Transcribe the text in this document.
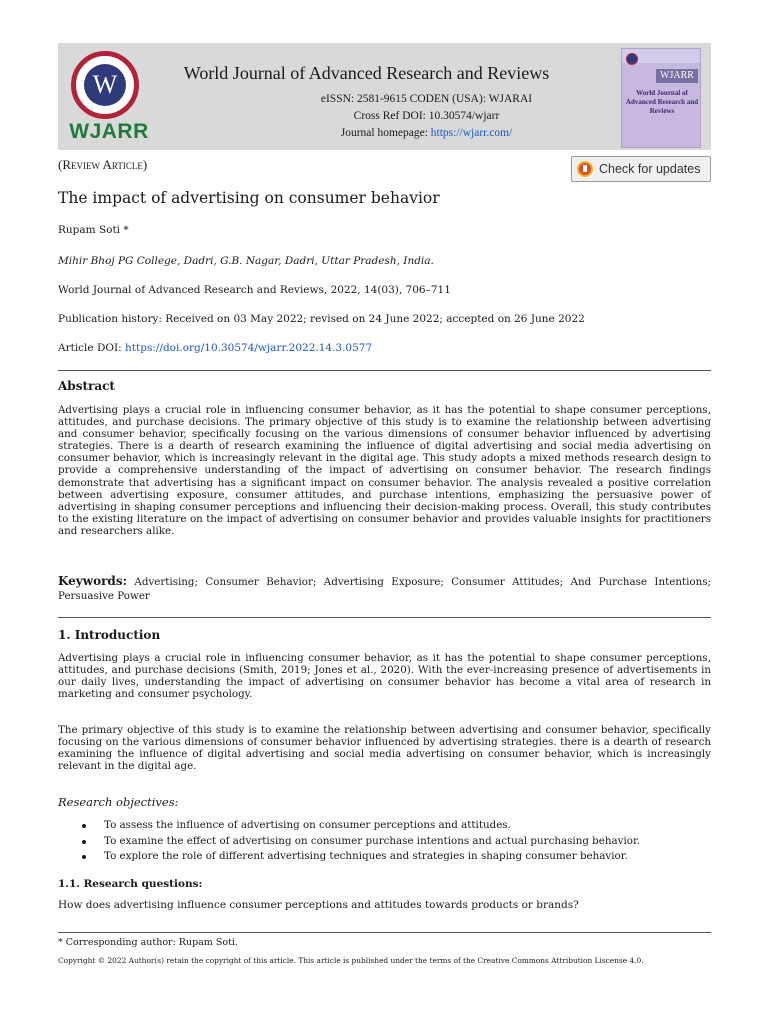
W
WJARR
World Journal of Advanced Research and Reviews
eISSN: 2581-9615 CODEN (USA): WJARAI
Cross Ref DOI: 10.30574/wjarr
Journal homepage: https://wjarr.com/
WJARR
World Journal of Advanced Research and Reviews
(Review Article)	Check for updates
The impact of advertising on consumer behavior
Rupam Soti *
Mihir Bhoj PG College, Dadri, G.B. Nagar, Dadri, Uttar Pradesh, India.
World Journal of Advanced Research and Reviews, 2022, 14(03), 706–711
Publication history: Received on 03 May 2022; revised on 24 June 2022; accepted on 26 June 2022
Article DOI: https://doi.org/10.30574/wjarr.2022.14.3.0577
Abstract

Advertising plays a crucial role in influencing consumer behavior, as it has the potential to shape consumer perceptions, attitudes, and purchase decisions. The primary objective of this study is to examine the relationship between advertising and consumer behavior, specifically focusing on the various dimensions of consumer behavior influenced by advertising strategies. There is a dearth of research examining the influence of digital advertising and social media advertising on consumer behavior, which is increasingly relevant in the digital age. This study adopts a mixed methods research design to provide a comprehensive understanding of the impact of advertising on consumer behavior. The research findings demonstrate that advertising has a significant impact on consumer behavior. The analysis revealed a positive correlation between advertising exposure, consumer attitudes, and purchase intentions, emphasizing the persuasive power of advertising in shaping consumer perceptions and influencing their decision-making process. Overall, this study contributes to the existing literature on the impact of advertising on consumer behavior and provides valuable insights for practitioners and researchers alike.

Keywords: Advertising; Consumer Behavior; Advertising Exposure; Consumer Attitudes; And Purchase Intentions; Persuasive Power
1. Introduction

Advertising plays a crucial role in influencing consumer behavior, as it has the potential to shape consumer perceptions, attitudes, and purchase decisions (Smith, 2019; Jones et al., 2020). With the ever-increasing presence of advertisements in our daily lives, understanding the impact of advertising on consumer behavior has become a vital area of research in marketing and consumer psychology.

The primary objective of this study is to examine the relationship between advertising and consumer behavior, specifically focusing on the various dimensions of consumer behavior influenced by advertising strategies. there is a dearth of research examining the influence of digital advertising and social media advertising on consumer behavior, which is increasingly relevant in the digital age.

Research objectives:
To assess the influence of advertising on consumer perceptions and attitudes.
To examine the effect of advertising on consumer purchase intentions and actual purchasing behavior.
To explore the role of different advertising techniques and strategies in shaping consumer behavior.
1.1. Research questions:
How does advertising influence consumer perceptions and attitudes towards products or brands?
* Corresponding author: Rupam Soti.
Copyright © 2022 Author(s) retain the copyright of this article. This article is published under the terms of the Creative Commons Attribution Liscense 4.0.
